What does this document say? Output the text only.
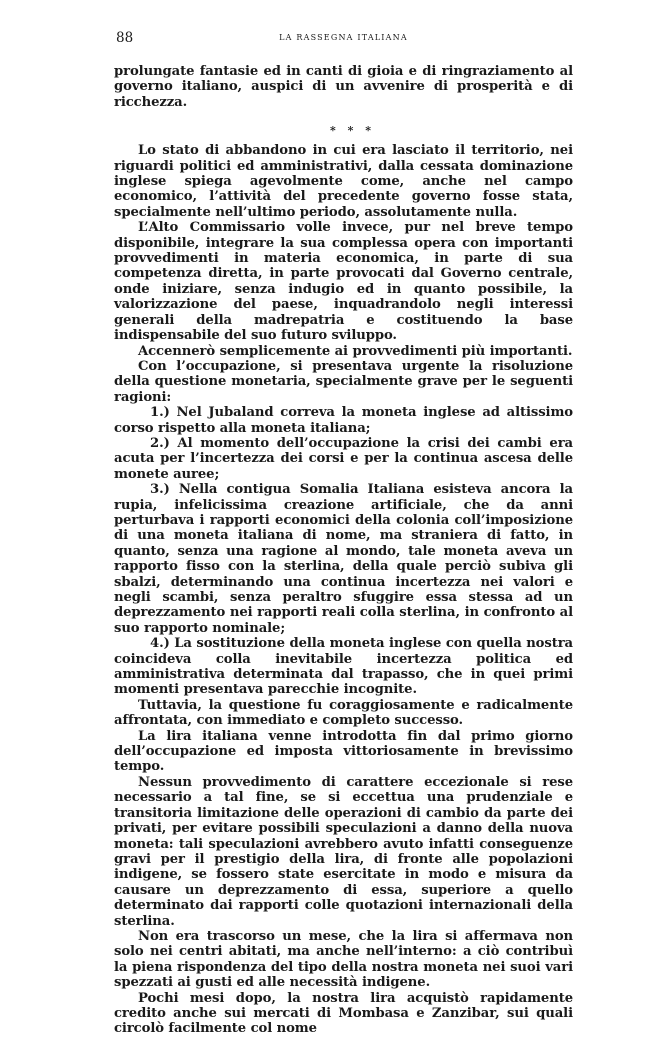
88	LA RASSEGNA ITALIANA

prolungate fantasie ed in canti di gioia e di ringraziamento al governo italiano, auspici di un avvenire di prosperità e di ricchezza.

* * *

Lo stato di abbandono in cui era lasciato il territorio, nei riguardi politici ed amministrativi, dalla cessata dominazione inglese spiega agevolmente come, anche nel campo economico, l’attività del precedente governo fosse stata, specialmente nell’ultimo periodo, assolutamente nulla.

L’Alto Commissario volle invece, pur nel breve tempo disponibile, integrare la sua complessa opera con importanti provvedimenti in materia economica, in parte di sua competenza diretta, in parte provocati dal Governo centrale, onde iniziare, senza indugio ed in quanto possibile, la valorizzazione del paese, inquadrandolo negli interessi generali della madrepatria e costituendo la base indispensabile del suo futuro sviluppo.

Accennerò semplicemente ai provvedimenti più importanti.

Con l’occupazione, si presentava urgente la risoluzione della questione monetaria, specialmente grave per le seguenti ragioni:

1.) Nel Jubaland correva la moneta inglese ad altissimo corso rispetto alla moneta italiana;

2.) Al momento dell’occupazione la crisi dei cambi era acuta per l’incertezza dei corsi e per la continua ascesa delle monete auree;

3.) Nella contigua Somalia Italiana esisteva ancora la rupia, infelicissima creazione artificiale, che da anni perturbava i rapporti economici della colonia coll’imposizione di una moneta italiana di nome, ma straniera di fatto, in quanto, senza una ragione al mondo, tale moneta aveva un rapporto fisso con la sterlina, della quale perciò subiva gli sbalzi, determinando una continua incertezza nei valori e negli scambi, senza peraltro sfuggire essa stessa ad un deprezzamento nei rapporti reali colla sterlina, in confronto al suo rapporto nominale;

4.) La sostituzione della moneta inglese con quella nostra coincideva colla inevitabile incertezza politica ed amministrativa determinata dal trapasso, che in quei primi momenti presentava parecchie incognite.

Tuttavia, la questione fu coraggiosamente e radicalmente affrontata, con immediato e completo successo.

La lira italiana venne introdotta fin dal primo giorno dell’occupazione ed imposta vittoriosamente in brevissimo tempo.

Nessun provvedimento di carattere eccezionale si rese necessario a tal fine, se si eccettua una prudenziale e transitoria limitazione delle operazioni di cambio da parte dei privati, per evitare possibili speculazioni a danno della nuova moneta: tali speculazioni avrebbero avuto infatti conseguenze gravi per il prestigio della lira, di fronte alle popolazioni indigene, se fossero state esercitate in modo e misura da causare un deprezzamento di essa, superiore a quello determinato dai rapporti colle quotazioni internazionali della sterlina.

Non era trascorso un mese, che la lira si affermava non solo nei centri abitati, ma anche nell’interno: a ciò contribuì la piena rispondenza del tipo della nostra moneta nei suoi vari spezzati ai gusti ed alle necessità indigene.

Pochi mesi dopo, la nostra lira acquistò rapidamente credito anche sui mercati di Mombasa e Zanzibar, sui quali circolò facilmente col nome
